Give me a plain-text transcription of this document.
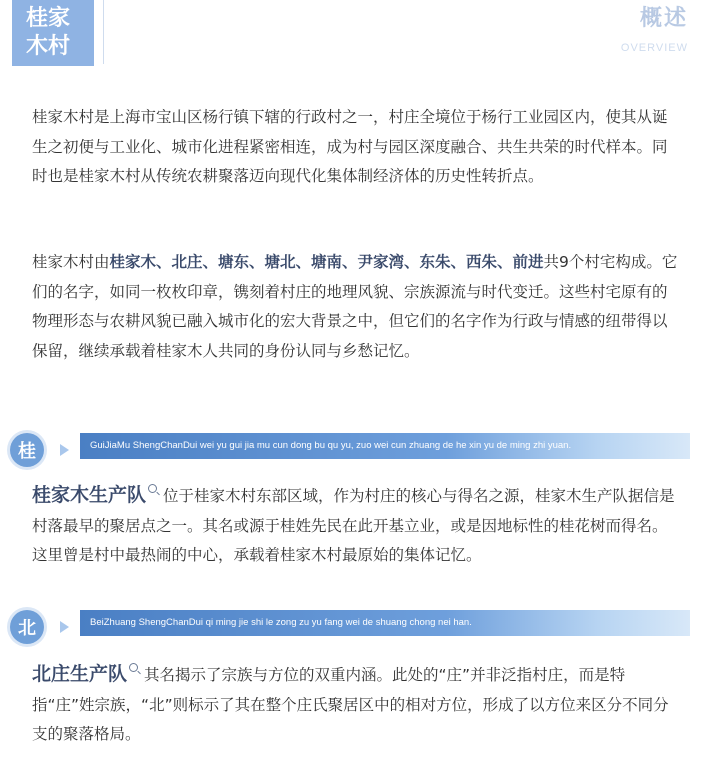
桂家
木村
概述
OVERVIEW

桂家木村是上海市宝山区杨行镇下辖的行政村之一，村庄全境位于杨行工业园区内，使其从诞生之初便与工业化、城市化进程紧密相连，成为村与园区深度融合、共生共荣的时代样本。同时也是桂家木村从传统农耕聚落迈向现代化集体制经济体的历史性转折点。

桂家木村由桂家木、北庄、塘东、塘北、塘南、尹家湾、东朱、西朱、前进共9个村宅构成。它们的名字，如同一枚枚印章，镌刻着村庄的地理风貌、宗族源流与时代变迁。这些村宅原有的物理形态与农耕风貌已融入城市化的宏大背景之中，但它们的名字作为行政与情感的纽带得以保留，继续承载着桂家木人共同的身份认同与乡愁记忆。

桂	GuiJiaMu ShengChanDui wei yu gui jia mu cun dong bu qu yu, zuo wei cun zhuang de he xin yu de ming zhi yuan.

桂家木生产队 位于桂家木村东部区域，作为村庄的核心与得名之源，桂家木生产队据信是村落最早的聚居点之一。其名或源于桂姓先民在此开基立业，或是因地标性的桂花树而得名。这里曾是村中最热闹的中心，承载着桂家木村最原始的集体记忆。

北	BeiZhuang ShengChanDui qi ming jie shi le zong zu yu fang wei de shuang chong nei han.

北庄生产队 其名揭示了宗族与方位的双重内涵。此处的“庄”并非泛指村庄，而是特指“庄”姓宗族，“北”则标示了其在整个庄氏聚居区中的相对方位，形成了以方位来区分不同分支的聚落格局。
